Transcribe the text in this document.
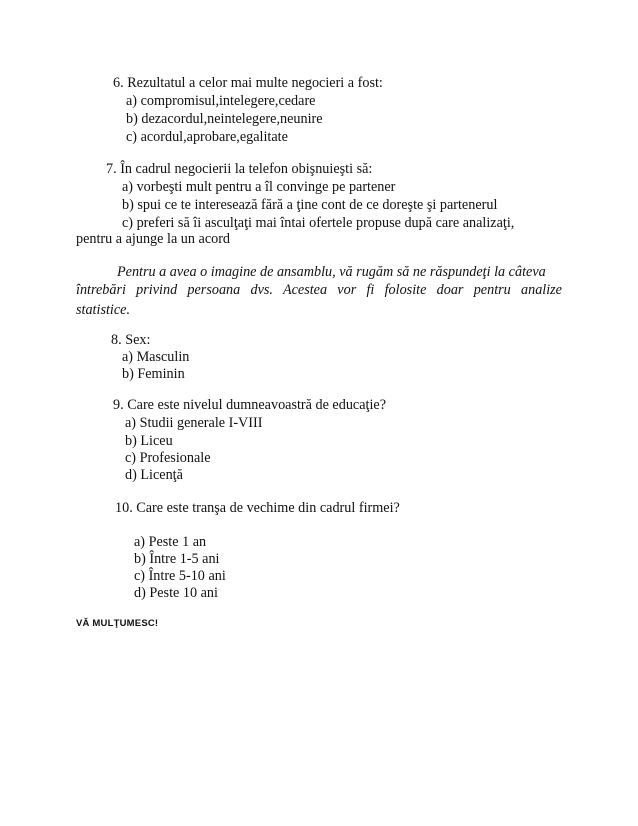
6. Rezultatul a celor mai multe negocieri a fost:
a) compromisul,intelegere,cedare
b) dezacordul,neintelegere,neunire
c) acordul,aprobare,egalitate
7. În cadrul negocierii la telefon obişnuieşti să:
a) vorbeşti mult pentru a îl convinge pe partener
b) spui ce te interesează fără a ţine cont de ce doreşte şi partenerul
c) preferi să îi asculţaţi mai întai ofertele propuse după care analizaţi,
pentru a ajunge la un acord
Pentru a avea o imagine de ansamblu, vă rugăm să ne răspundeţi la câteva
întrebări privind persoana dvs. Acestea vor fi folosite doar pentru analize
statistice.
8. Sex:
a) Masculin
b) Feminin
9. Care este nivelul dumneavoastră de educaţie?
a) Studii generale I-VIII
b) Liceu
c) Profesionale
d) Licenţă
10. Care este tranşa de vechime din cadrul firmei?
a) Peste 1 an
b) Între 1-5 ani
c) Între 5-10 ani
d) Peste 10 ani
VĂ MULŢUMESC!
